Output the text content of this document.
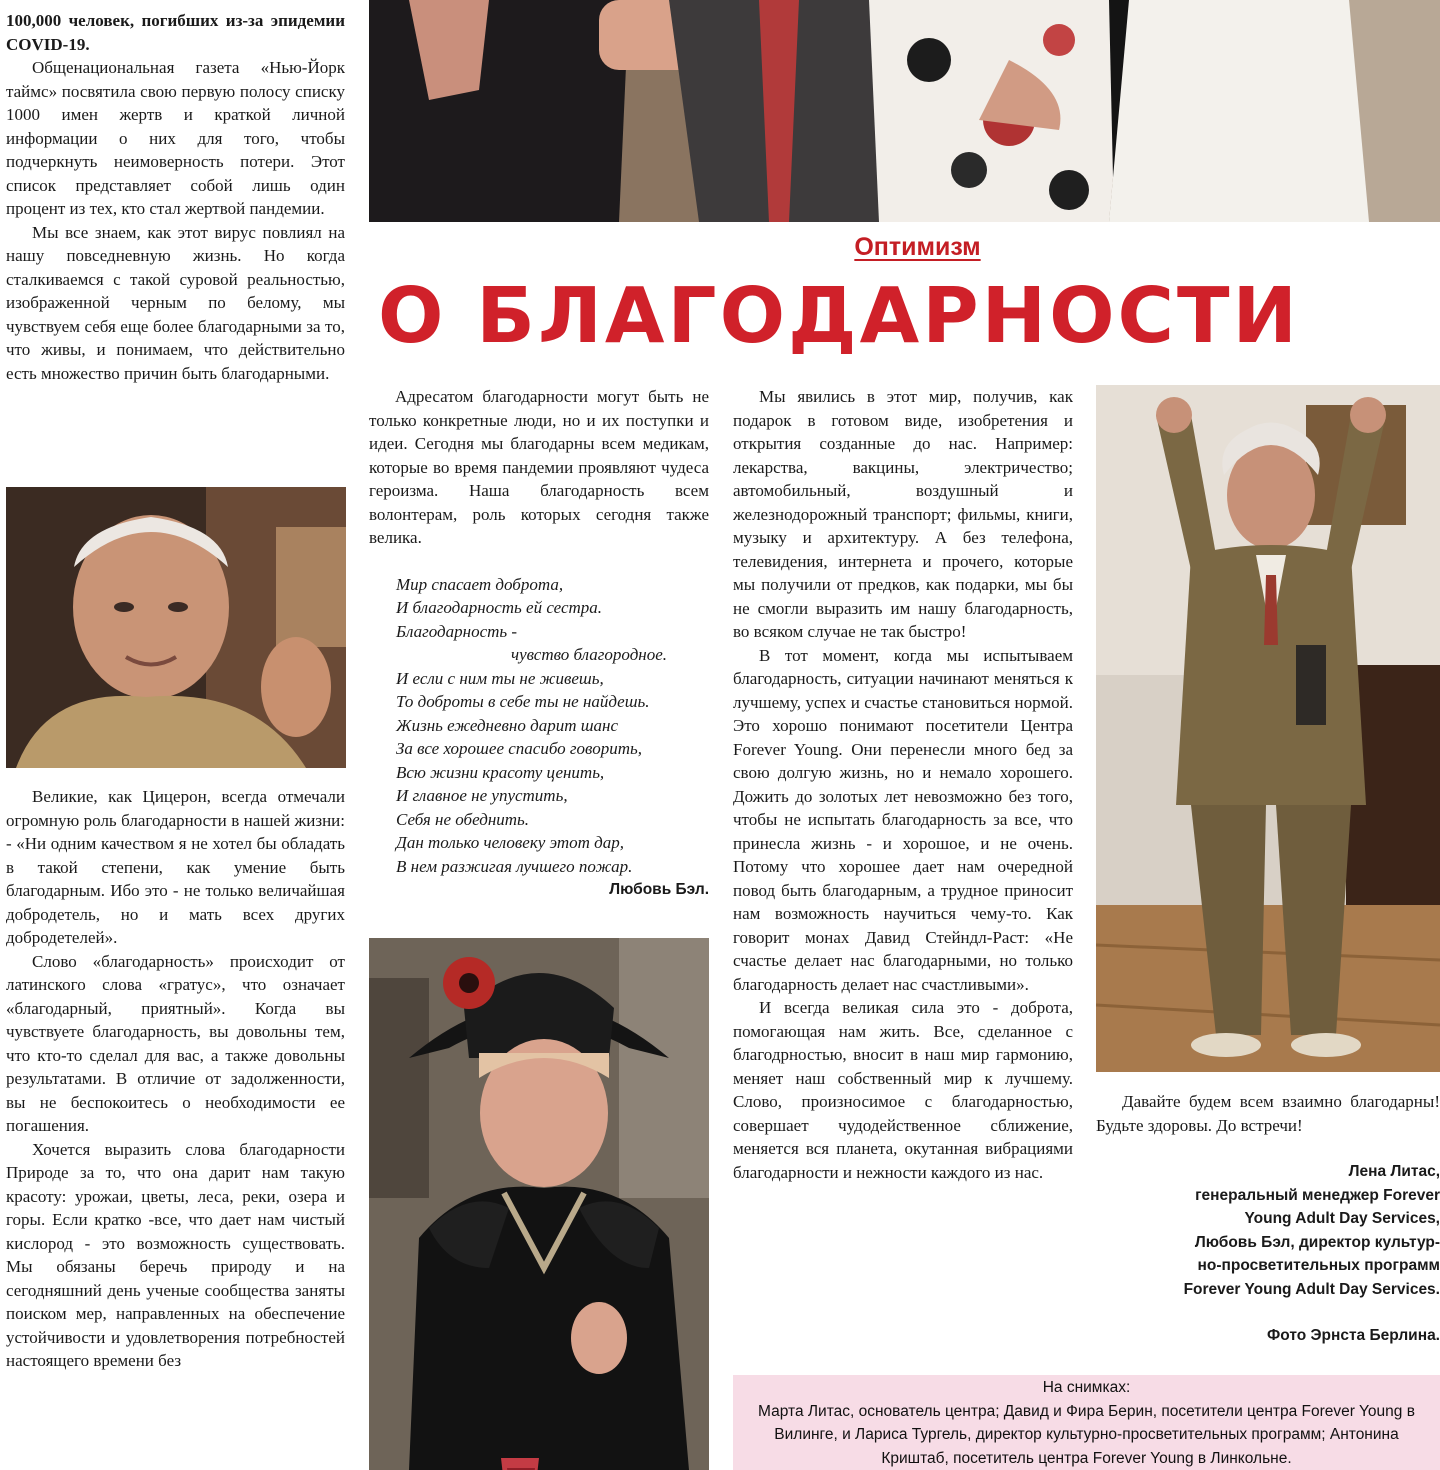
100,000 человек, погибших из-за эпидемии COVID-19.

Общенациональная газета «Нью-Йорк таймс» посвятила свою первую полосу списку 1000 имен жертв и краткой личной информации о них для того, чтобы подчеркнуть неимоверность потери. Этот список представляет собой лишь один процент из тех, кто стал жертвой пандемии.

Мы все знаем, как этот вирус повлиял на нашу повседневную жизнь. Но когда сталкиваемся с такой суровой реальностью, изображенной черным по белому, мы чувствуем себя еще более благодарными за то, что живы, и понимаем, что действительно есть множество причин быть благодарными.

Великие, как Цицерон, всегда отмечали огромную роль благодарности в нашей жизни: - «Ни одним качеством я не хотел бы обладать в такой степени, как умение быть благодарным. Ибо это - не только величайшая добродетель, но и мать всех других добродетелей».

Слово «благодарность» происходит от латинского слова «гратус», что означает «благодарный, приятный». Когда вы чувствуете благодарность, вы довольны тем, что кто-то сделал для вас, а также довольны результатами. В отличие от задолженности, вы не беспокоитесь о необходимости ее погашения.

Хочется выразить слова благодарности Природе за то, что она дарит нам такую красоту: урожаи, цветы, леса, реки, озера и горы. Если кратко -все, что дает нам чистый кислород - это возможность существовать. Мы обязаны беречь природу и на сегодняшний день ученые сообщества заняты поиском мер, направленных на обеспечение устойчивости и удовлетворения потребностей настоящего времени без

Оптимизм
О БЛАГОДАРНОСТИ

Адресатом благодарности могут быть не только конкретные люди, но и их поступки и идеи. Сегодня мы благодарны всем медикам, которые во время пандемии проявляют чудеса героизма. Наша благодарность всем волонтерам, роль которых сегодня также велика.

Мир спасает доброта,
И благодарность ей сестра.
Благодарность -
чувство благородное.
И если с ним ты не живешь,
То доброты в себе ты не найдешь.
Жизнь ежедневно дарит шанс
За все хорошее спасибо говорить,
Всю жизни красоту ценить,
И главное не упустить,
Себя не обеднить.
Дан только человеку этот дар,
В нем разжигая лучшего пожар.
Любовь Бэл.

Мы явились в этот мир, получив, как подарок в готовом виде, изобретения и открытия созданные до нас. Например: лекарства, вакцины, электричество; автомобильный, воздушный и железнодорожный транспорт; фильмы, книги, музыку и архитектуру. А без телефона, телевидения, интернета и прочего, которые мы получили от предков, как подарки, мы бы не смогли выразить им нашу благодарность, во всяком случае не так быстро!

В тот момент, когда мы испытываем благодарность, ситуации начинают меняться к лучшему, успех и счастье становиться нормой. Это хорошо понимают посетители Центра Forever Young. Они перенесли много бед за свою долгую жизнь, но и немало хорошего. Дожить до золотых лет невозможно без того, чтобы не испытать благодарность за все, что принесла жизнь - и хорошое, и не очень. Потому что хорошее дает нам очередной повод быть благодарным, а трудное приносит нам возможность научиться чему-то. Как говорит монах Давид Стейндл-Раст: «Не счастье делает нас благодарными, но только благодарность делает нас счастливыми».

И всегда великая сила это - доброта, помогающая нам жить. Все, сделанное с благодрностью, вносит в наш мир гармонию, меняет наш собственный мир к лучшему. Слово, произносимое с благодарностью, совершает чудодейственное сближение, меняется вся планета, окутанная вибрациями благодарности и нежности каждого из нас.

Давайте будем всем взаимно благодарны! Будьте здоровы. До встречи!

Лена Литас,
генеральный менеджер Forever
Young Adult Day Services,
Любовь Бэл, директор культур-
но-просветительных программ
Forever Young Adult Day Services.
Фото Эрнста Берлина.
На снимках:
Марта Литас, основатель центра; Давид и Фира Берин, посетители центра Forever Young в Вилинге, и Лариса Тургель, директор культурно-просветительных программ; Антонина Криштаб, посетитель центра Forever Young в Линкольне.
